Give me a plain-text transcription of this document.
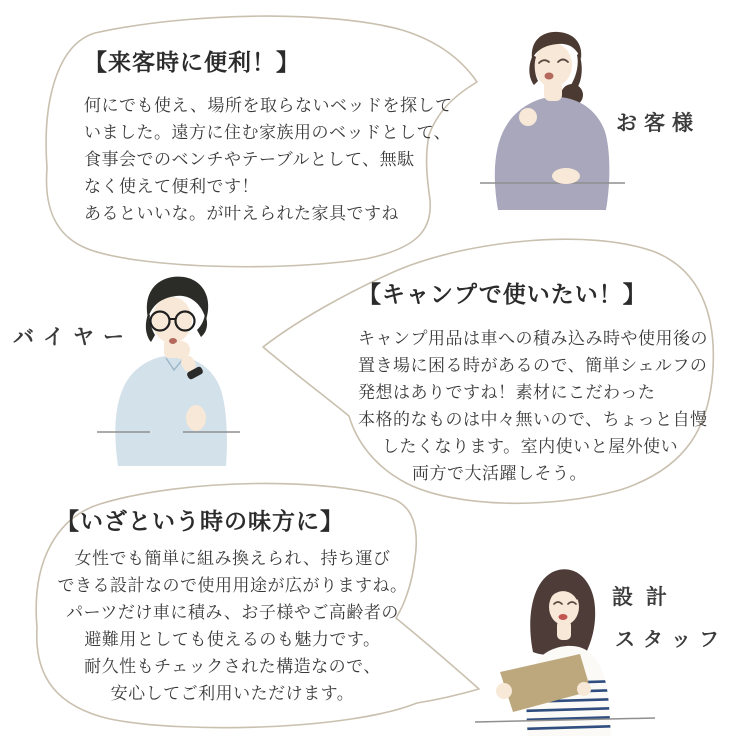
【来客時に便利！】
何にでも使え、場所を取らないベッドを探して
いました。遠方に住む家族用のベッドとして、
食事会でのベンチやテーブルとして、無駄
なく使えて便利です！
あるといいな。が叶えられた家具ですね
【キャンプで使いたい！】
キャンプ用品は車への積み込み時や使用後の
置き場に困る時があるので、簡単シェルフの
発想はありですね！素材にこだわった
本格的なものは中々無いので、ちょっと自慢
したくなります。室内使いと屋外使い
両方で大活躍しそう。
【いざという時の味方に】
女性でも簡単に組み換えられ、持ち運び
できる設計なので使用用途が広がりますね。
パーツだけ車に積み、お子様やご高齢者の
避難用としても使えるのも魅力です。
耐久性もチェックされた構造なので、
安心してご利用いただけます。
お客様
バイヤー
設計
スタッフ
